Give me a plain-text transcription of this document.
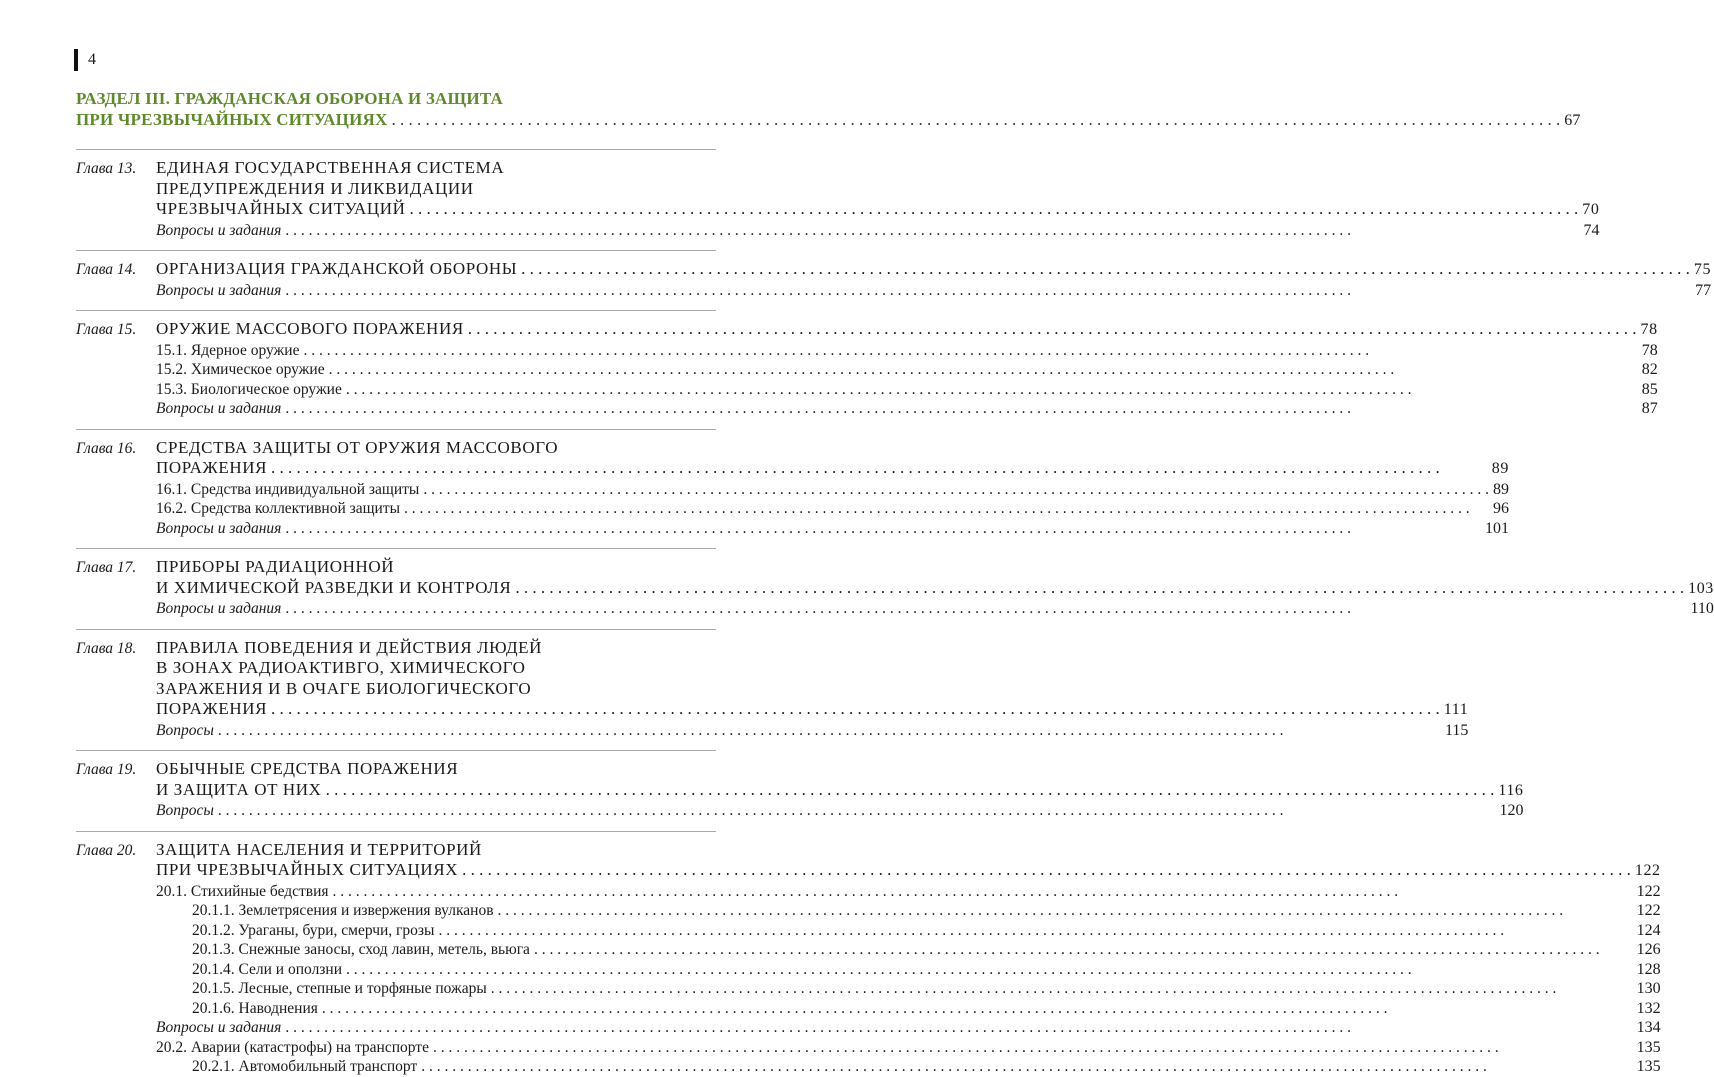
4
РАЗДЕЛ III. ГРАЖДАНСКАЯ ОБОРОНА И ЗАЩИТА
ПРИ ЧРЕЗВЫЧАЙНЫХ СИТУАЦИЯХ . . .	67
Глава 13.	ЕДИНАЯ ГОСУДАРСТВЕННАЯ СИСТЕМА
ПРЕДУПРЕЖДЕНИЯ И ЛИКВИДАЦИИ
ЧРЕЗВЫЧАЙНЫХ СИТУАЦИЙ . . .	70
Вопросы и задания . . .	74
Глава 14.	ОРГАНИЗАЦИЯ ГРАЖДАНСКОЙ ОБОРОНЫ . . .	75
Вопросы и задания . . .	77
Глава 15.	ОРУЖИЕ МАССОВОГО ПОРАЖЕНИЯ . . .	78
15.1. Ядерное оружие . . .	78
15.2. Химическое оружие . . .	82
15.3. Биологическое оружие . . .	85
Вопросы и задания . . .	87
Глава 16.	СРЕДСТВА ЗАЩИТЫ ОТ ОРУЖИЯ МАССОВОГО
ПОРАЖЕНИЯ . . .	89
16.1. Средства индивидуальной защиты . . .	89
16.2. Средства коллективной защиты . . .	96
Вопросы и задания . . .	101
Глава 17.	ПРИБОРЫ РАДИАЦИОННОЙ
И ХИМИЧЕСКОЙ РАЗВЕДКИ И КОНТРОЛЯ . . .	103
Вопросы и задания . . .	110
Глава 18.	ПРАВИЛА ПОВЕДЕНИЯ И ДЕЙСТВИЯ ЛЮДЕЙ
В ЗОНАХ РАДИОАКТИВГО, ХИМИЧЕСКОГО
ЗАРАЖЕНИЯ И В ОЧАГЕ БИОЛОГИЧЕСКОГО
ПОРАЖЕНИЯ . . .	111
Вопросы . . .	115
Глава 19.	ОБЫЧНЫЕ СРЕДСТВА ПОРАЖЕНИЯ
И ЗАЩИТА ОТ НИХ . . .	116
Вопросы . . .	120
Глава 20.	ЗАЩИТА НАСЕЛЕНИЯ И ТЕРРИТОРИЙ
ПРИ ЧРЕЗВЫЧАЙНЫХ СИТУАЦИЯХ . . .	122
20.1. Стихийные бедствия . . .	122
20.1.1. Землетрясения и извержения вулканов . . .	122
20.1.2. Ураганы, бури, смерчи, грозы . . .	124
20.1.3. Снежные заносы, сход лавин, метель, вьюга . . .	126
20.1.4. Сели и оползни . . .	128
20.1.5. Лесные, степные и торфяные пожары . . .	130
20.1.6. Наводнения . . .	132
Вопросы и задания . . .	134
20.2. Аварии (катастрофы) на транспорте . . .	135
20.2.1. Автомобильный транспорт . . .	135
